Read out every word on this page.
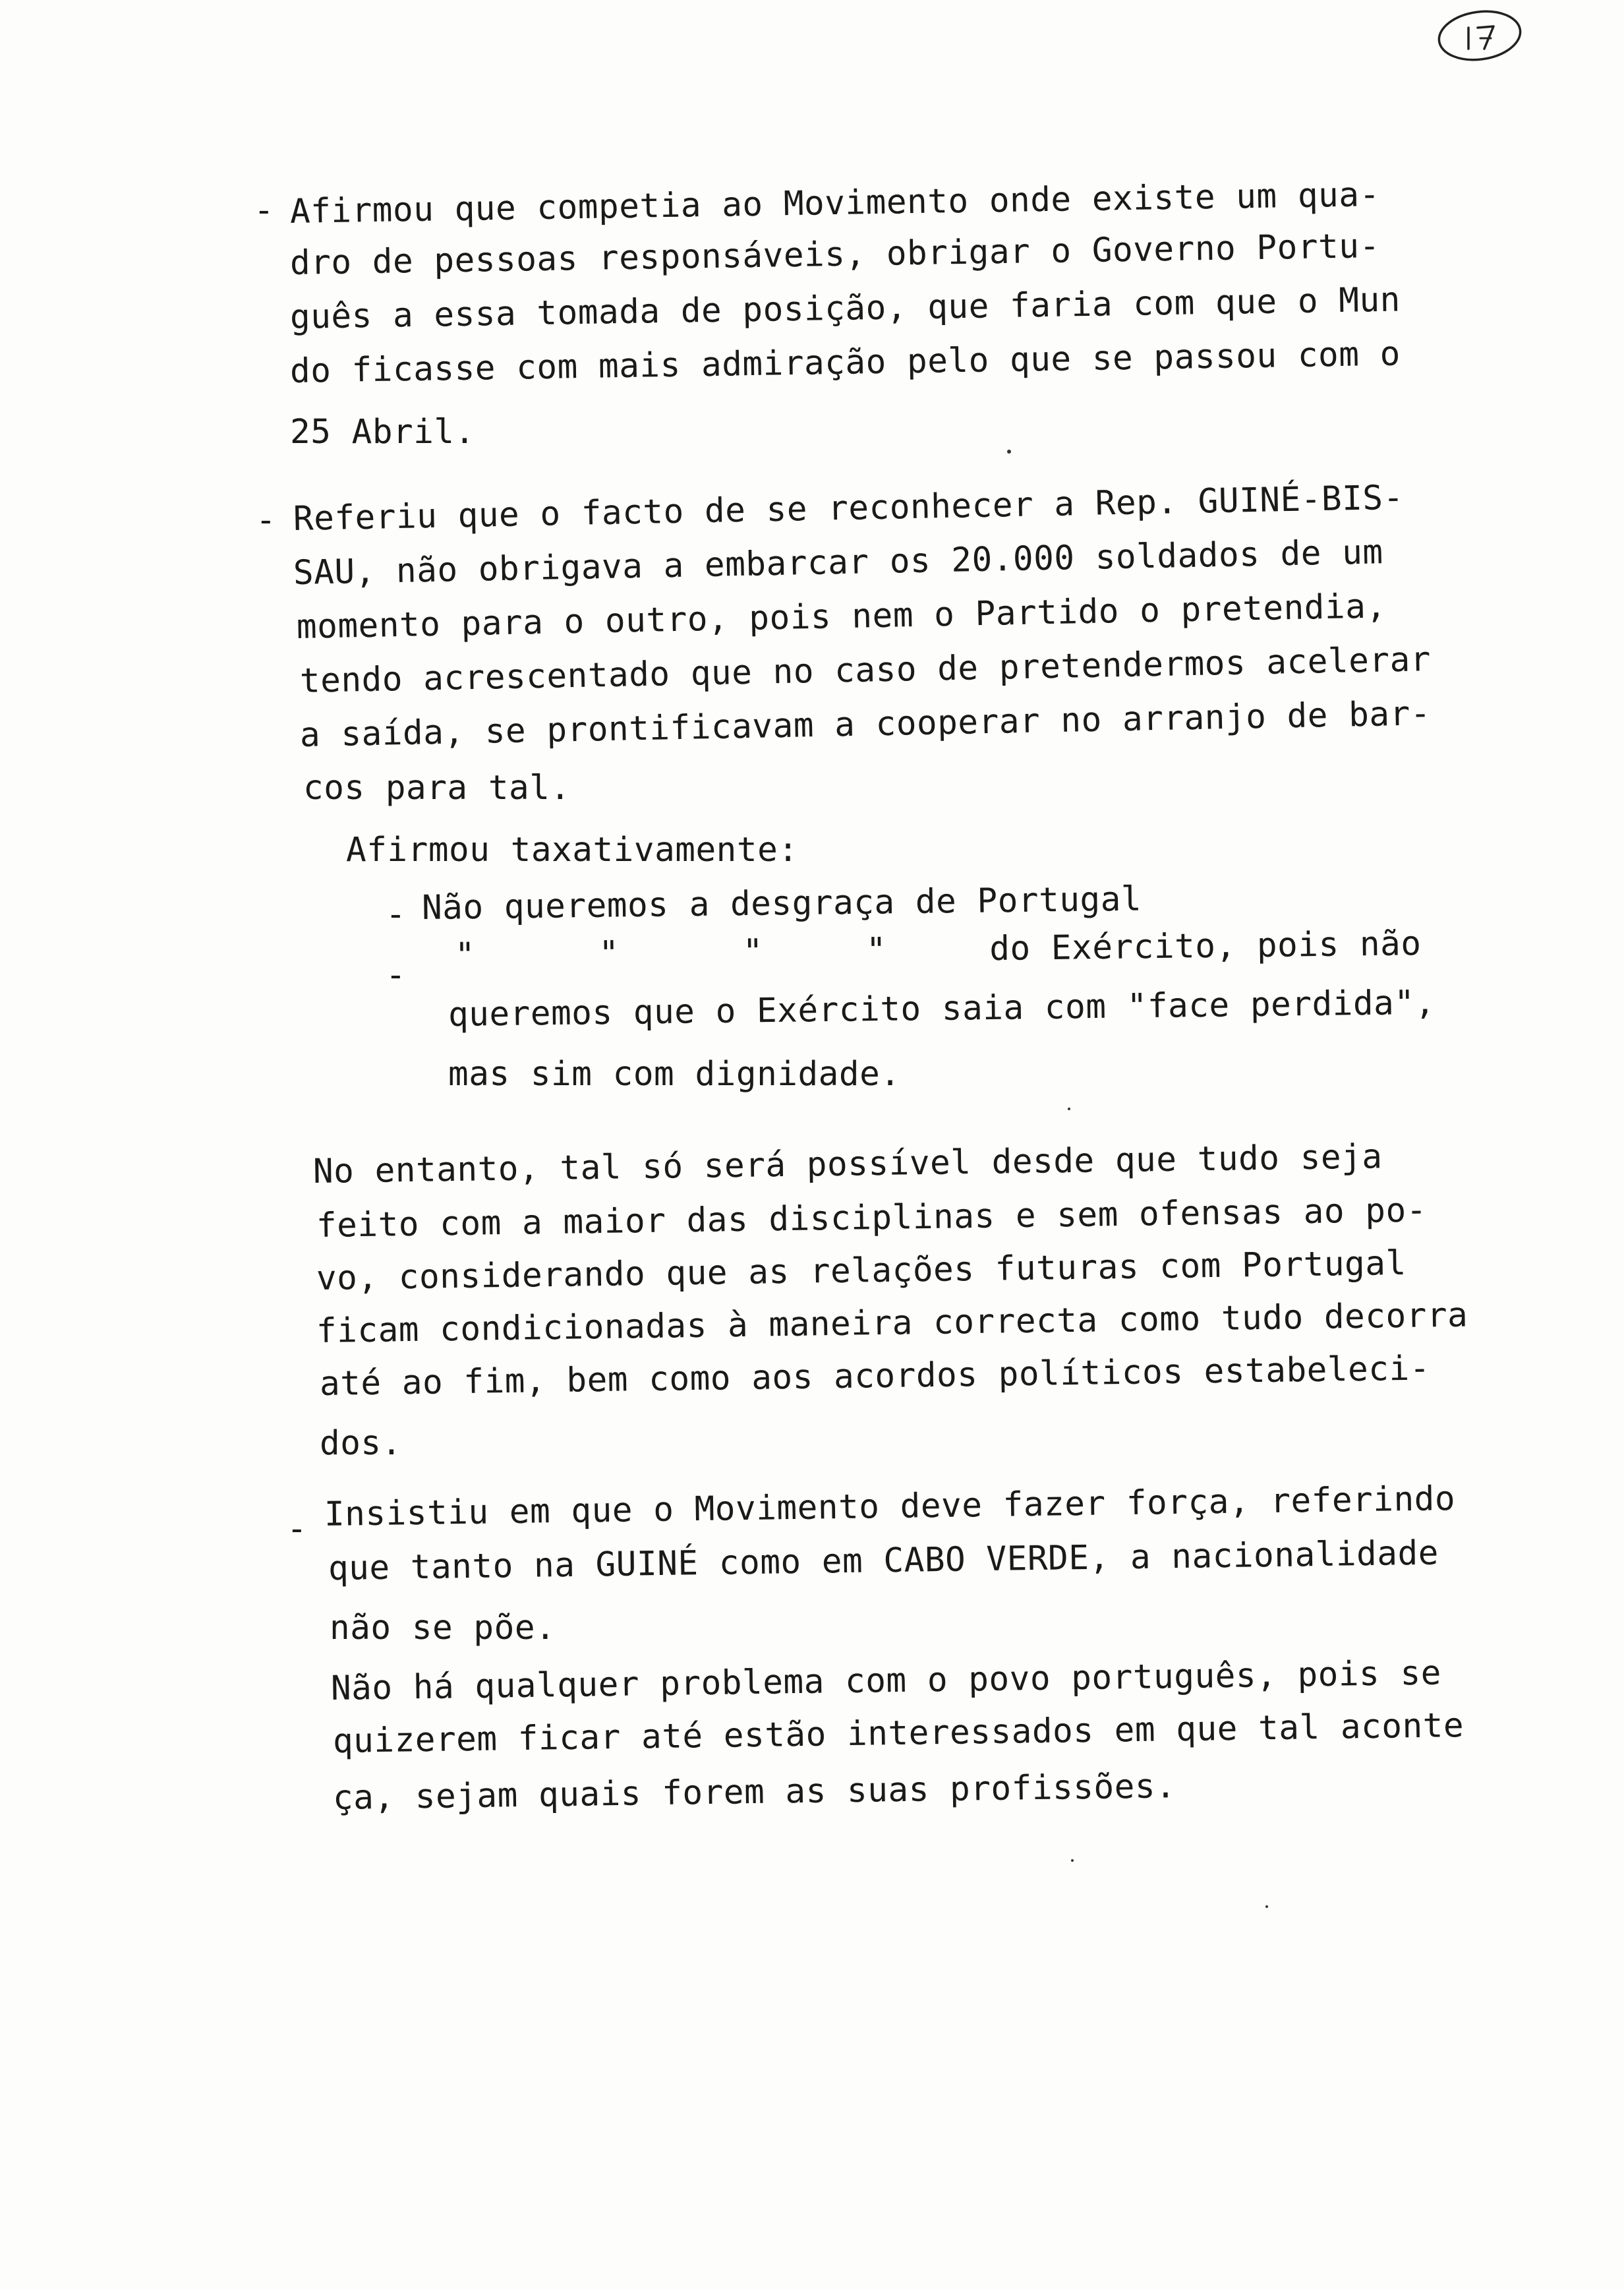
- Afirmou que competia ao Movimento onde existe um qua-
dro de pessoas responsáveis, obrigar o Governo Portu-
guês a essa tomada de posição, que faria com que o Mun
do ficasse com mais admiração pelo que se passou com o
25 Abril.
- Referiu que o facto de se reconhecer a Rep. GUINÉ-BIS-
SAU, não obrigava a embarcar os 20.000 soldados de um
momento para o outro, pois nem o Partido o pretendia,
tendo acrescentado que no caso de pretendermos acelerar
a saída, se prontificavam a cooperar no arranjo de bar-
cos para tal.
Afirmou taxativamente:
- Não queremos a desgraça de Portugal
-
"      "      "     "     do Exército, pois não
queremos que o Exército saia com "face perdida",
mas sim com dignidade.
No entanto, tal só será possível desde que tudo seja
feito com a maior das disciplinas e sem ofensas ao po-
vo, considerando que as relações futuras com Portugal
ficam condicionadas à maneira correcta como tudo decorra
até ao fim, bem como aos acordos políticos estabeleci-
dos.
- Insistiu em que o Movimento deve fazer força, referindo
que tanto na GUINÉ como em CABO VERDE, a nacionalidade
não se põe.
Não há qualquer problema com o povo português, pois se
quizerem ficar até estão interessados em que tal aconte
ça, sejam quais forem as suas profissões.
